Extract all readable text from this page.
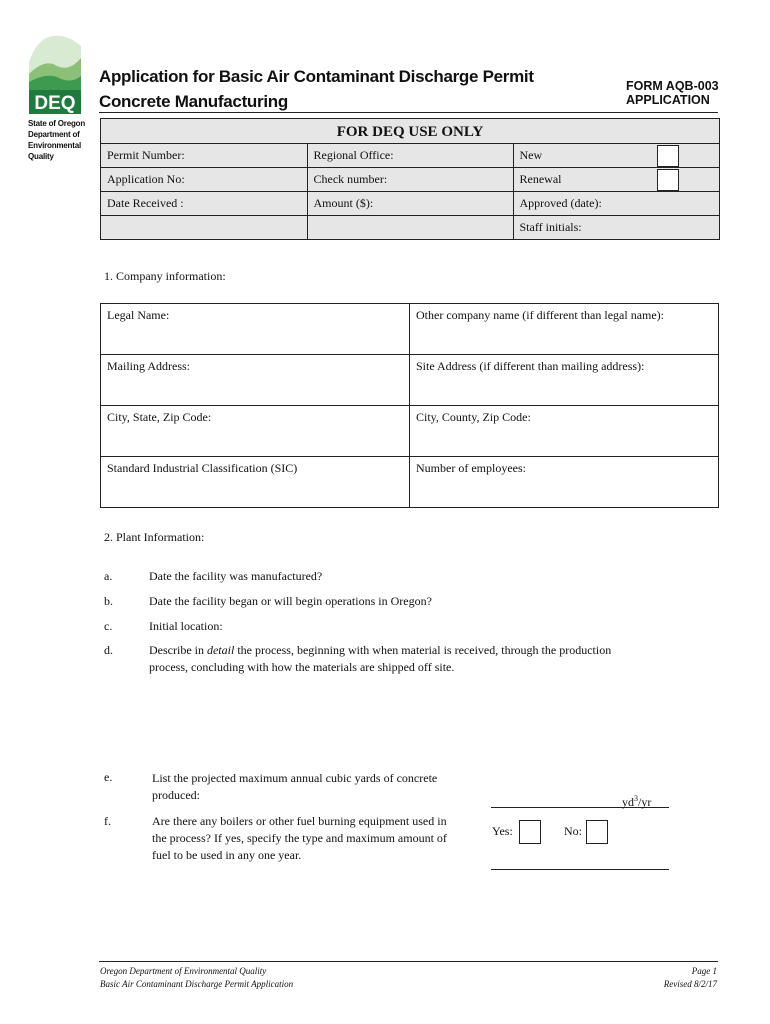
DEQ
State of Oregon
Department of
Environmental
Quality
Application for Basic Air Contaminant Discharge Permit
Concrete Manufacturing
FORM AQB-003
APPLICATION
FOR DEQ USE ONLY
Permit Number:	Regional Office:	New

Application No:	Check number:	Renewal

Date Received :	Amount ($):	Approved (date):
		Staff initials:
1. Company information:
Legal Name:	Other company name (if different than legal name):
Mailing Address:	Site Address (if different than mailing address):
City, State, Zip Code:	City, County, Zip Code:
Standard Industrial Classification (SIC)	Number of employees:
2. Plant Information:
a.	Date the facility was manufactured?
b.	Date the facility began or will begin operations in Oregon?
c.	Initial location:
d.	Describe in detail the process, beginning with when material is received, through the production
process, concluding with how the materials are shipped off site.
e.	List the projected maximum annual cubic yards of concrete
produced:	$yd^3/yr$
f.	Are there any boilers or other fuel burning equipment used in
the process? If yes, specify the type and maximum amount of
fuel to be used in any one year.
Yes:	No:
Oregon Department of Environmental Quality
Basic Air Contaminant Discharge Permit Application
Page 1
Revised 8/2/17
